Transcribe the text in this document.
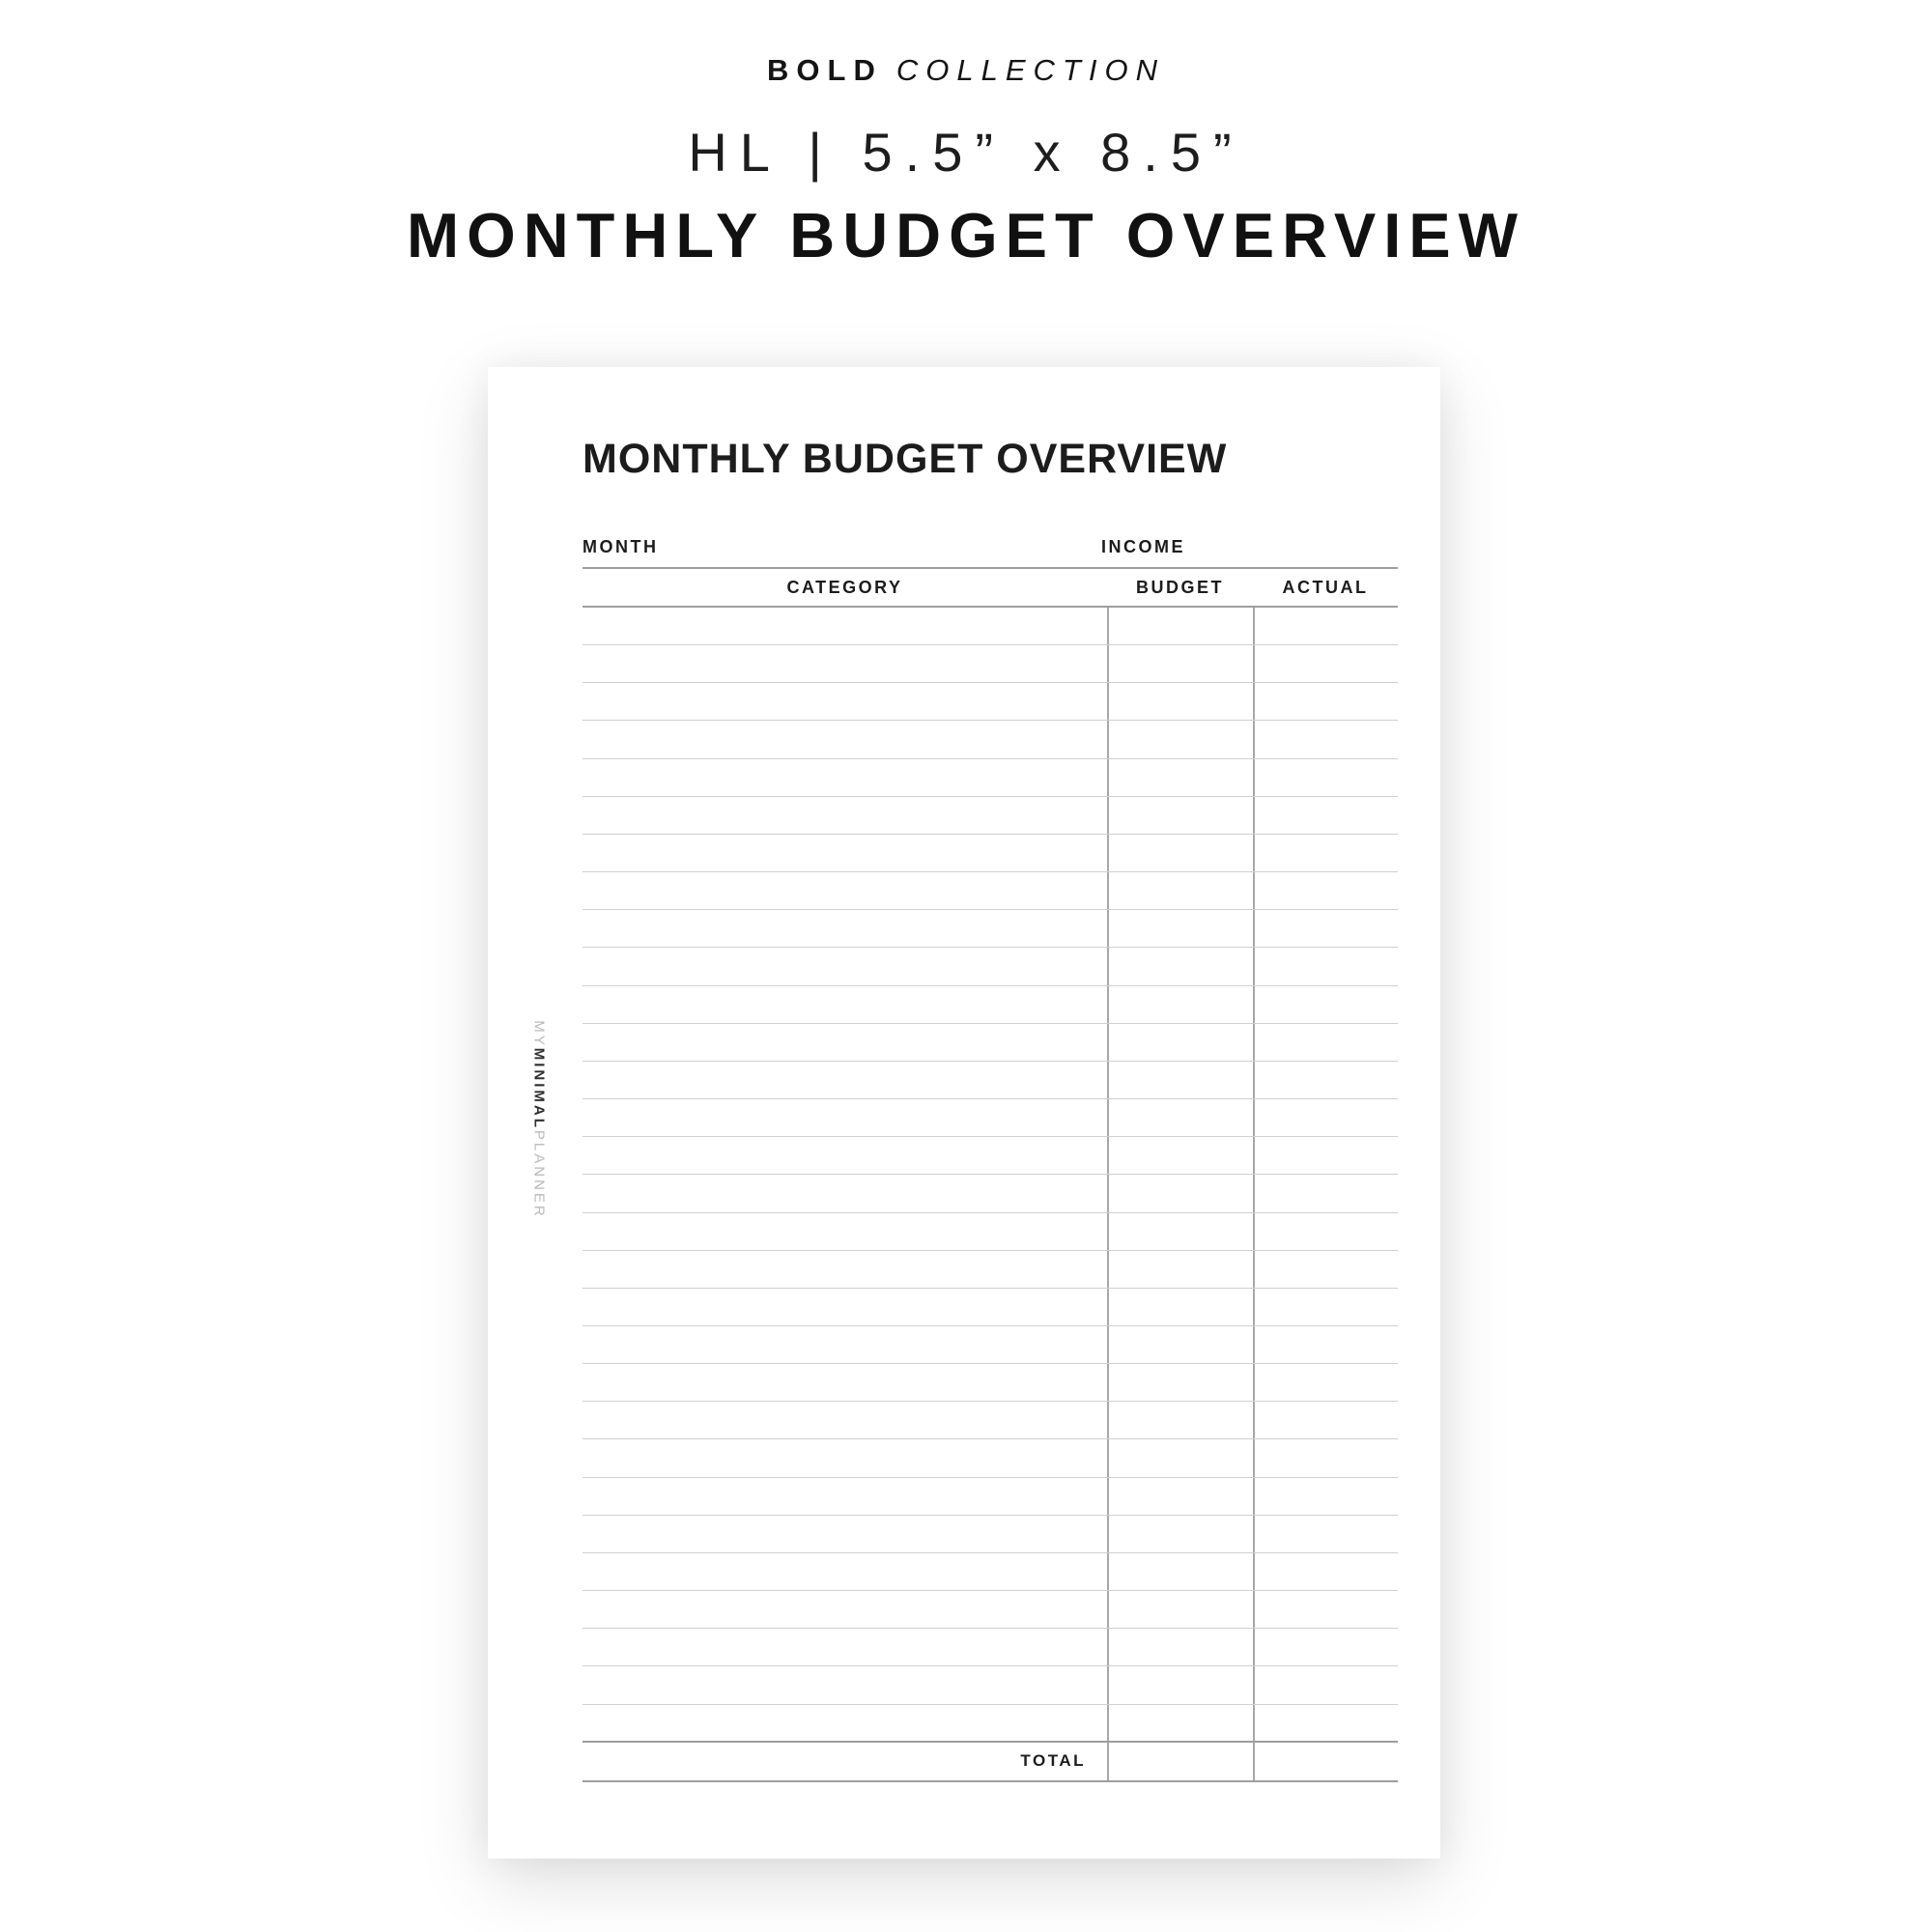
BOLD COLLECTION
HL | 5.5” x 8.5”
MONTHLY BUDGET OVERVIEW
MONTHLY BUDGET OVERVIEW
MYMINIMALPLANNER
MONTH	INCOME
CATEGORY	BUDGET	ACTUAL
TOTAL
